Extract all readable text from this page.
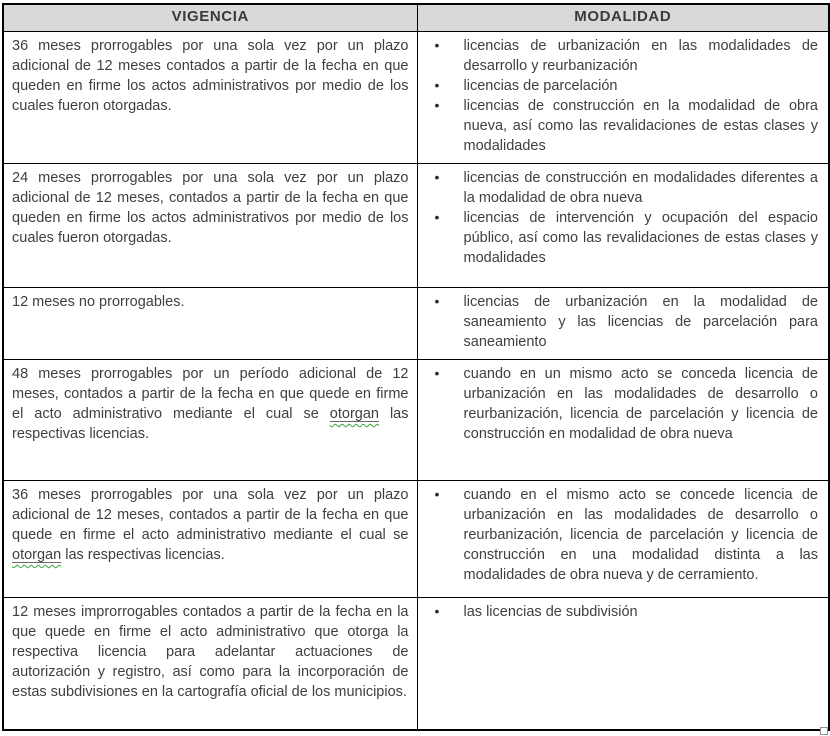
VIGENCIA	MODALIDAD
36 meses prorrogables por una sola vez por un plazo adicional de 12 meses contados a partir de la fecha en que queden en firme los actos administrativos por medio de los cuales fueron otorgadas.	
• licencias de urbanización en las modalidades de desarrollo y reurbanización
• licencias de parcelación
• licencias de construcción en la modalidad de obra nueva, así como las revalidaciones de estas clases y modalidades

24 meses prorrogables por una sola vez por un plazo adicional de 12 meses, contados a partir de la fecha en que queden en firme los actos administrativos por medio de los cuales fueron otorgadas.	
• licencias de construcción en modalidades diferentes a la modalidad de obra nueva
• licencias de intervención y ocupación del espacio público, así como las revalidaciones de estas clases y modalidades

12 meses no prorrogables.	• licencias de urbanización en la modalidad de saneamiento y las licencias de parcelación para saneamiento

48 meses prorrogables por un período adicional de 12 meses, contados a partir de la fecha en que quede en firme el acto administrativo mediante el cual se otorgan las respectivas licencias.	
• cuando en un mismo acto se conceda licencia de urbanización en las modalidades de desarrollo o reurbanización, licencia de parcelación y licencia de construcción en modalidad de obra nueva

36 meses prorrogables por una sola vez por un plazo adicional de 12 meses, contados a partir de la fecha en que quede en firme el acto administrativo mediante el cual se otorgan las respectivas licencias.	
• cuando en el mismo acto se concede licencia de urbanización en las modalidades de desarrollo o reurbanización, licencia de parcelación y licencia de construcción en una modalidad distinta a las modalidades de obra nueva y de cerramiento.

12 meses improrrogables contados a partir de la fecha en la que quede en firme el acto administrativo que otorga la respectiva licencia para adelantar actuaciones de autorización y registro, así como para la incorporación de estas subdivisiones en la cartografía oficial de los municipios.	
• las licencias de subdivisión
